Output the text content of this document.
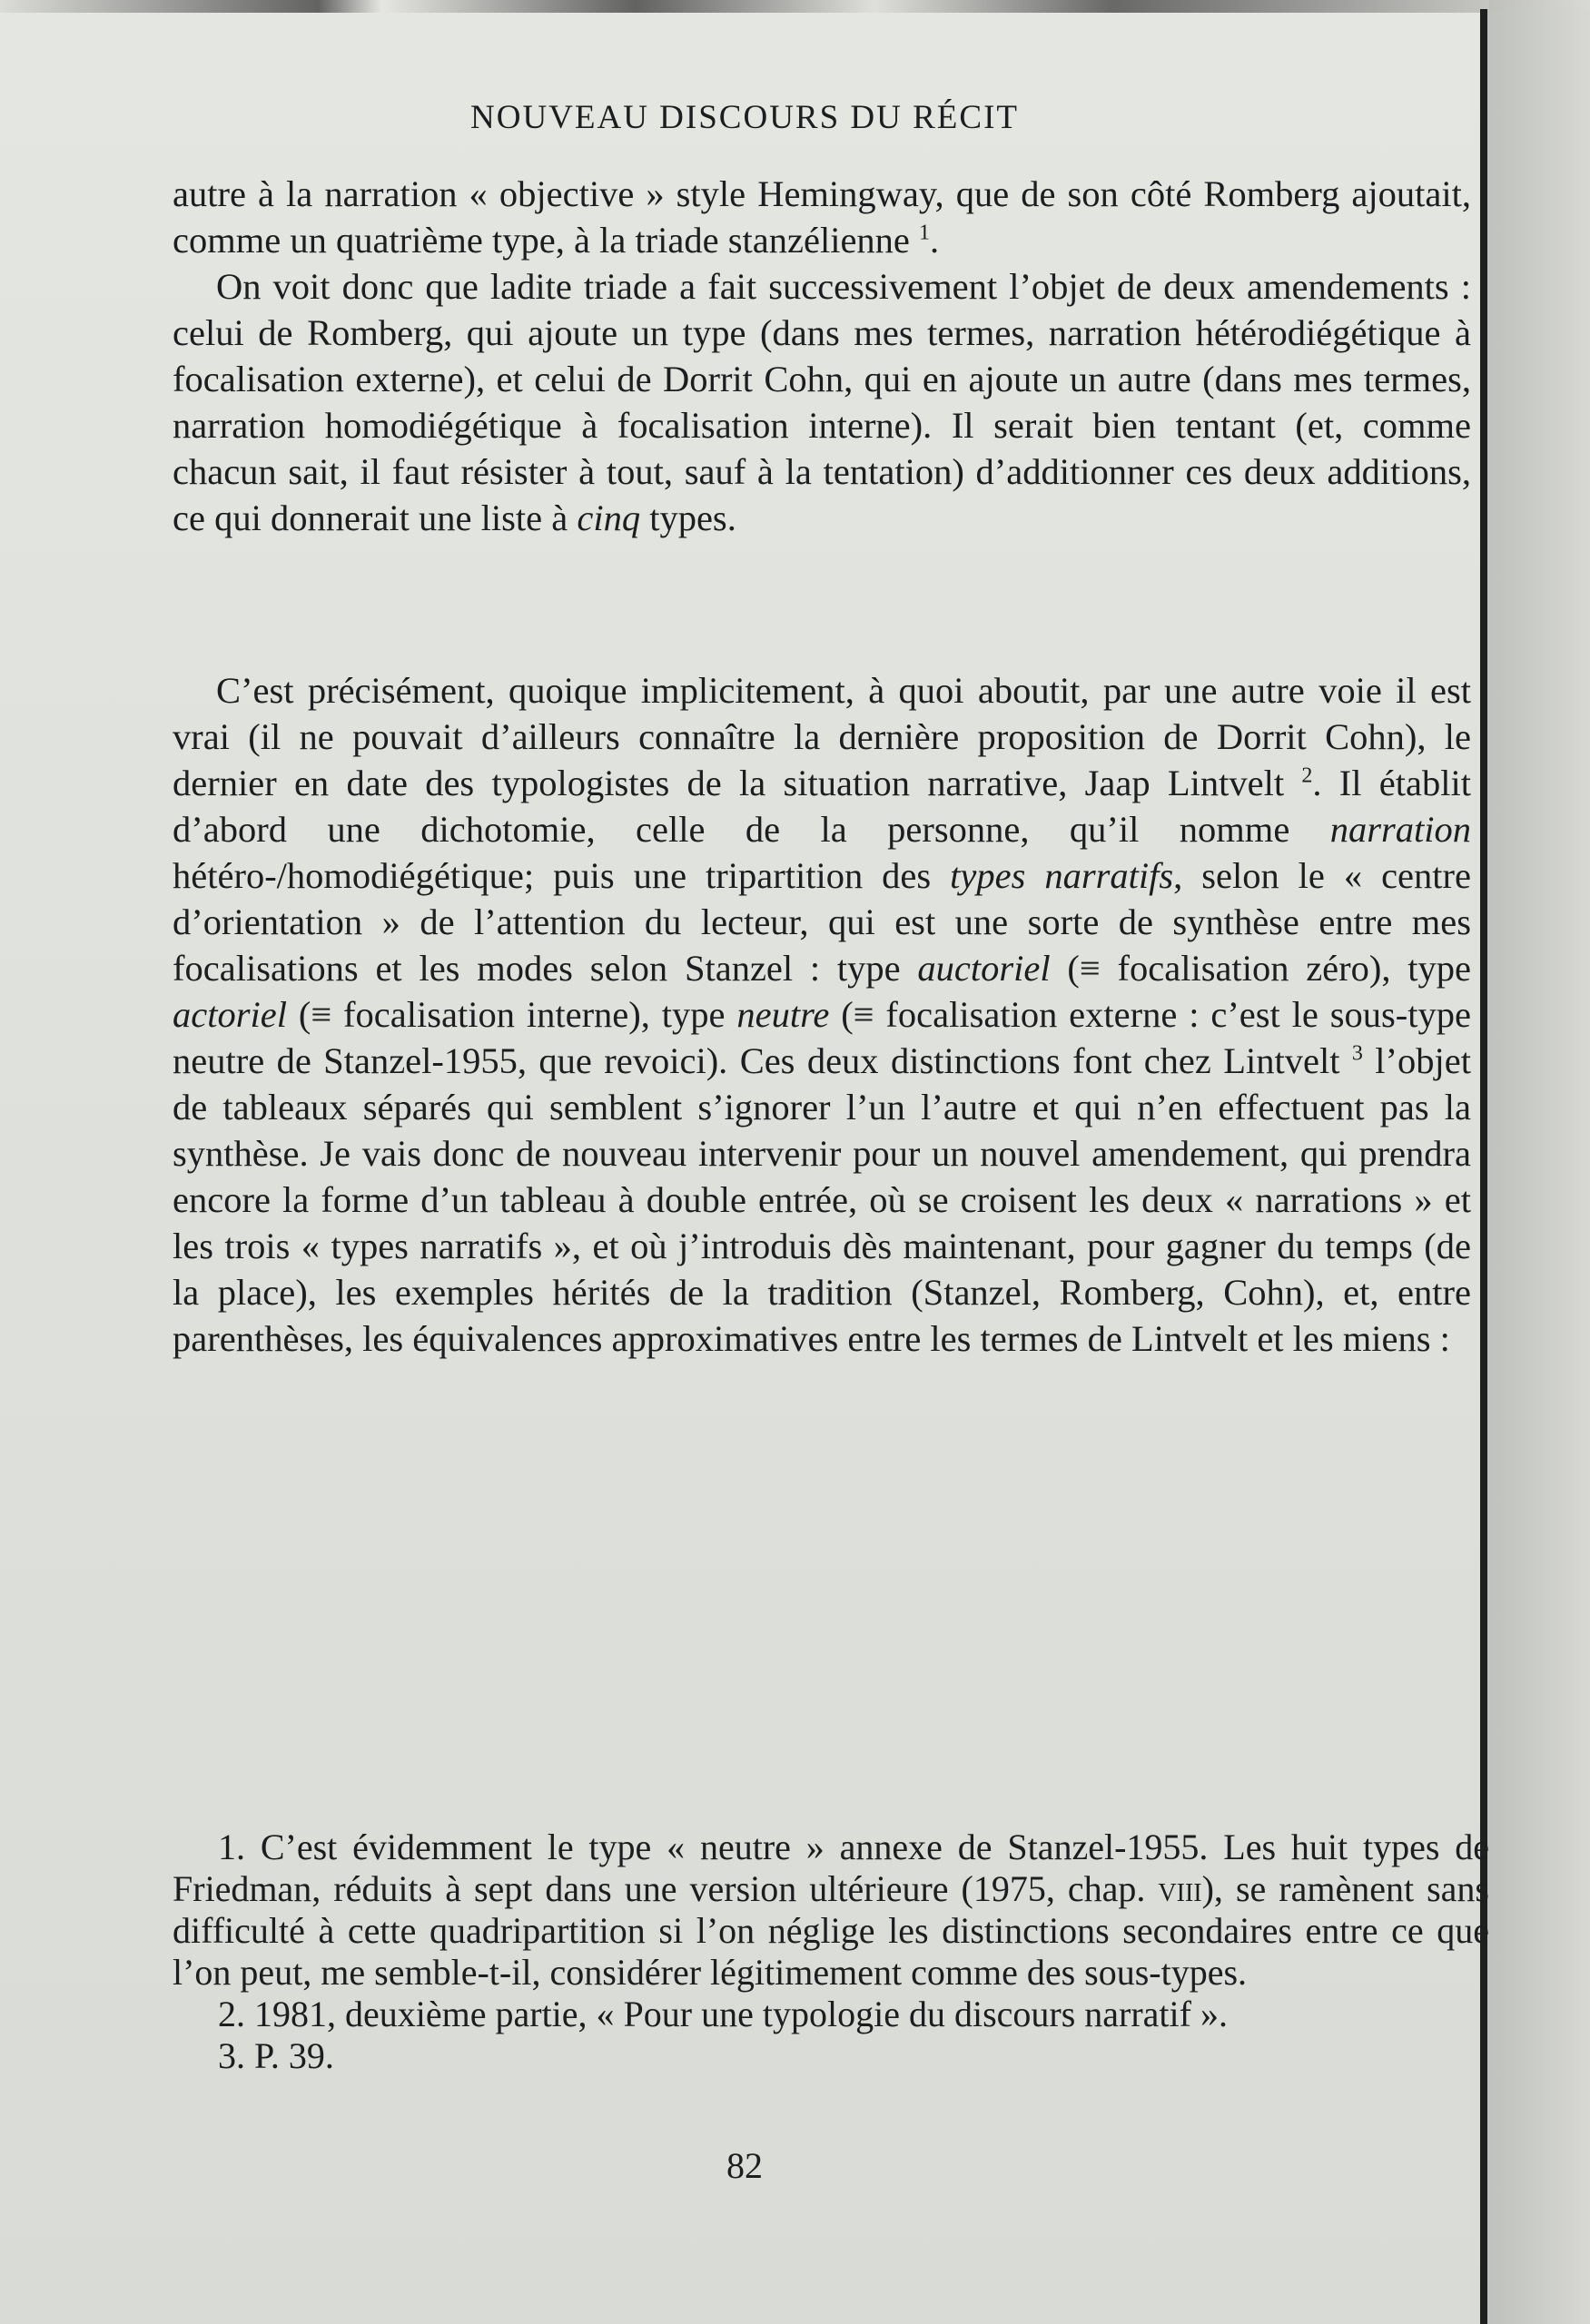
NOUVEAU DISCOURS DU RÉCIT

autre à la narration « objective » style Hemingway, que de son côté Romberg ajoutait, comme un quatrième type, à la triade stanzélienne $^1$.

On voit donc que ladite triade a fait successivement l’objet de deux amendements : celui de Romberg, qui ajoute un type (dans mes termes, narration hétérodiégétique à focalisation externe), et celui de Dorrit Cohn, qui en ajoute un autre (dans mes termes, narration homodiégétique à focalisation interne). Il serait bien tentant (et, comme chacun sait, il faut résister à tout, sauf à la tentation) d’additionner ces deux additions, ce qui donnerait une liste à cinq types.

C’est précisément, quoique implicitement, à quoi aboutit, par une autre voie il est vrai (il ne pouvait d’ailleurs connaître la dernière proposition de Dorrit Cohn), le dernier en date des typologistes de la situation narrative, Jaap Lintvelt $^2$. Il établit d’abord une dichotomie, celle de la personne, qu’il nomme narration hétéro-/homodiégétique; puis une tripartition des types narratifs, selon le « centre d’orientation » de l’attention du lecteur, qui est une sorte de synthèse entre mes focalisations et les modes selon Stanzel : type auctoriel (≡ focalisation zéro), type actoriel (≡ focalisation interne), type neutre (≡ focalisation externe : c’est le sous-type neutre de Stanzel-1955, que revoici). Ces deux distinctions font chez Lintvelt $^3$ l’objet de tableaux séparés qui semblent s’ignorer l’un l’autre et qui n’en effectuent pas la synthèse. Je vais donc de nouveau intervenir pour un nouvel amendement, qui prendra encore la forme d’un tableau à double entrée, où se croisent les deux « narrations » et les trois « types narratifs », et où j’introduis dès maintenant, pour gagner du temps (de la place), les exemples hérités de la tradition (Stanzel, Romberg, Cohn), et, entre parenthèses, les équivalences approximatives entre les termes de Lintvelt et les miens :

1. C’est évidemment le type « neutre » annexe de Stanzel-1955. Les huit types de Friedman, réduits à sept dans une version ultérieure (1975, chap. viii), se ramènent sans difficulté à cette quadripartition si l’on néglige les distinctions secondaires entre ce que l’on peut, me semble-t-il, considérer légitimement comme des sous-types.

2. 1981, deuxième partie, « Pour une typologie du discours narratif ».

3. P. 39.

82
